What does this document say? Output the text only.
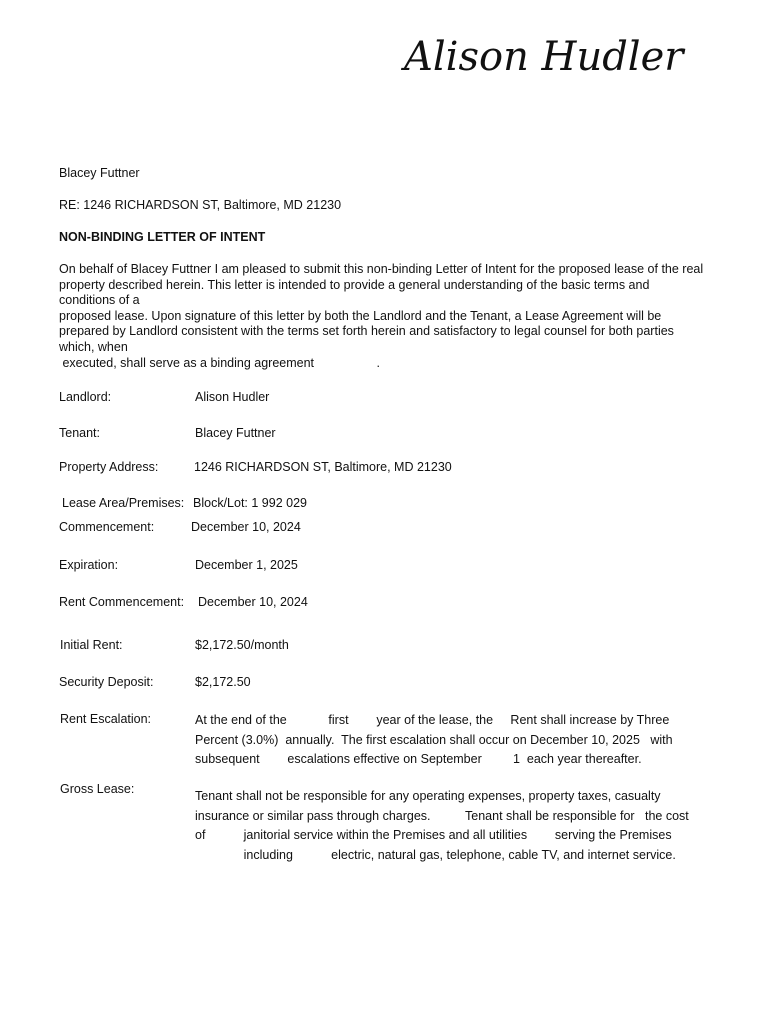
Alison Hudler
Blacey Futtner
RE: 1246 RICHARDSON ST, Baltimore, MD 21230
NON-BINDING LETTER OF INTENT
On behalf of Blacey Futtner I am pleased to submit this non-binding Letter of Intent for the proposed lease of the real
property described herein. This letter is intended to provide a general understanding of the basic terms and
conditions of a
proposed lease. Upon signature of this letter by both the Landlord and the Tenant, a Lease Agreement will be
prepared by Landlord consistent with the terms set forth herein and satisfactory to legal counsel for both parties
which, when
executed, shall serve as a binding agreement                  .
Landlord:	Alison Hudler
Tenant:	Blacey Futtner
Property Address:	1246 RICHARDSON ST, Baltimore, MD 21230
Lease Area/Premises: Block/Lot: 1 992 029
Commencement:	December 10, 2024
Expiration:	December 1, 2025
Rent Commencement: December 10, 2024
Initial Rent:	$2,172.50/month
Security Deposit:	$2,172.50
Rent Escalation:	At the end of the            first        year of the lease, the     Rent shall increase by Three
Percent (3.0%)  annually.  The first escalation shall occur on December 10, 2025   with
subsequent        escalations effective on September         1  each year thereafter.
Gross Lease:	Tenant shall not be responsible for any operating expenses, property taxes, casualty
insurance or similar pass through charges.          Tenant shall be responsible for   the cost
of           janitorial service within the Premises and all utilities        serving the Premises
including           electric, natural gas, telephone, cable TV, and internet service.
